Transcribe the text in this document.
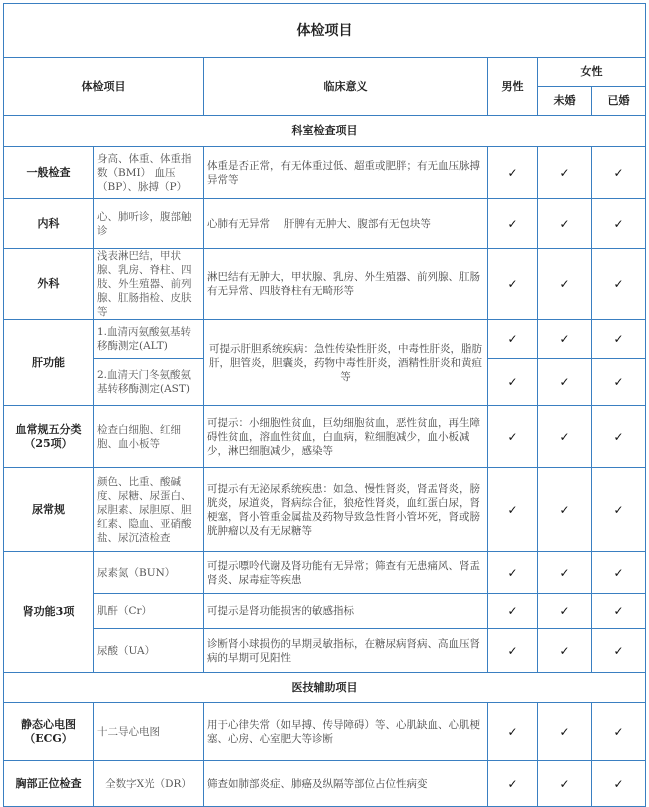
体检项目					
体检项目		临床意义	男性	女性	
				未婚	已婚
科室检查项目					
一般检查	身高、体重、体重指数（BMI） 血压（BP）、脉搏（P）	体重是否正常，有无体重过低、超重或肥胖；有无血压脉搏异常等	✓	✓	✓
内科	心、肺听诊，腹部触诊	心肺有无异常　 肝脾有无肿大、腹部有无包块等	✓	✓	✓
外科	浅表淋巴结，甲状腺、乳房、脊柱、四肢、外生殖器、前列腺、肛肠指检、皮肤等	淋巴结有无肿大，甲状腺、乳房、外生殖器、前列腺、肛肠有无异常、四肢脊柱有无畸形等	✓	✓	✓
肝功能	1.血清丙氨酸氨基转移酶测定(ALT)	可提示肝胆系统疾病：急性传染性肝炎，中毒性肝炎，脂肪肝，胆管炎，胆囊炎，药物中毒性肝炎，酒精性肝炎和黄疸等	✓	✓	✓
	2.血清天门冬氨酸氨基转移酶测定(AST)		✓	✓	✓
血常规五分类（25项）	检查白细胞、红细胞、血小板等	可提示：小细胞性贫血，巨幼细胞贫血，恶性贫血，再生障碍性贫血，溶血性贫血，白血病，粒细胞减少，血小板减少，淋巴细胞减少，感染等	✓	✓	✓
尿常规	颜色、比重、酸碱度、尿糖、尿蛋白、尿胆素、尿胆原、胆红素、隐血、亚硝酸盐、尿沉渣检查	可提示有无泌尿系统疾患：如急、慢性肾炎，肾盂肾炎，膀胱炎，尿道炎，肾病综合征，狼疮性肾炎，血红蛋白尿，肾梗塞，肾小管重金属盐及药物导致急性肾小管坏死，肾或膀胱肿瘤以及有无尿糖等	✓	✓	✓
肾功能3项	尿素氮（BUN）	可提示嘌呤代谢及肾功能有无异常；筛查有无患痛风、肾盂肾炎、尿毒症等疾患	✓	✓	✓
	肌酐（Cr）	可提示是肾功能损害的敏感指标	✓	✓	✓
	尿酸（UA）	诊断肾小球损伤的早期灵敏指标，在糖尿病肾病、高血压肾病的早期可见阳性	✓	✓	✓
医技辅助项目					
静态心电图（ECG）	十二导心电图	用于心律失常（如早搏、传导障碍）等、心肌缺血、心肌梗塞、心房、心室肥大等诊断	✓	✓	✓
胸部正位检查	全数字X光（DR）	筛查如肺部炎症、肺癌及纵隔等部位占位性病变	✓	✓	✓
